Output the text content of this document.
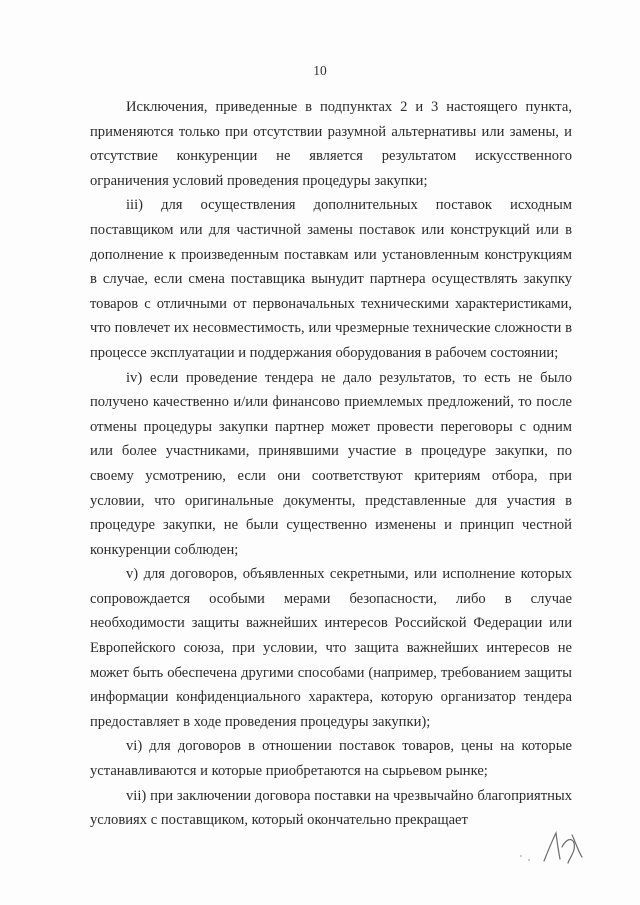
10

Исключения, приведенные в подпунктах 2 и 3 настоящего пункта, применяются только при отсутствии разумной альтернативы или замены, и отсутствие конкуренции не является результатом искусственного ограничения условий проведения процедуры закупки;

iii) для осуществления дополнительных поставок исходным поставщиком или для частичной замены поставок или конструкций или в дополнение к произведенным поставкам или установленным конструкциям в случае, если смена поставщика вынудит партнера осуществлять закупку товаров с отличными от первоначальных техническими характеристиками, что повлечет их несовместимость, или чрезмерные технические сложности в процессе эксплуатации и поддержания оборудования в рабочем состоянии;

iv) если проведение тендера не дало результатов, то есть не было получено качественно и/или финансово приемлемых предложений, то после отмены процедуры закупки партнер может провести переговоры с одним или более участниками, принявшими участие в процедуре закупки, по своему усмотрению, если они соответствуют критериям отбора, при условии, что оригинальные документы, представленные для участия в процедуре закупки, не были существенно изменены и принцип честной конкуренции соблюден;

v) для договоров, объявленных секретными, или исполнение которых сопровождается особыми мерами безопасности, либо в случае необходимости защиты важнейших интересов Российской Федерации или Европейского союза, при условии, что защита важнейших интересов не может быть обеспечена другими способами (например, требованием защиты информации конфиденциального характера, которую организатор тендера предоставляет в ходе проведения процедуры закупки);

vi) для договоров в отношении поставок товаров, цены на которые устанавливаются и которые приобретаются на сырьевом рынке;

vii) при заключении договора поставки на чрезвычайно благоприятных условиях с поставщиком, который окончательно прекращает
